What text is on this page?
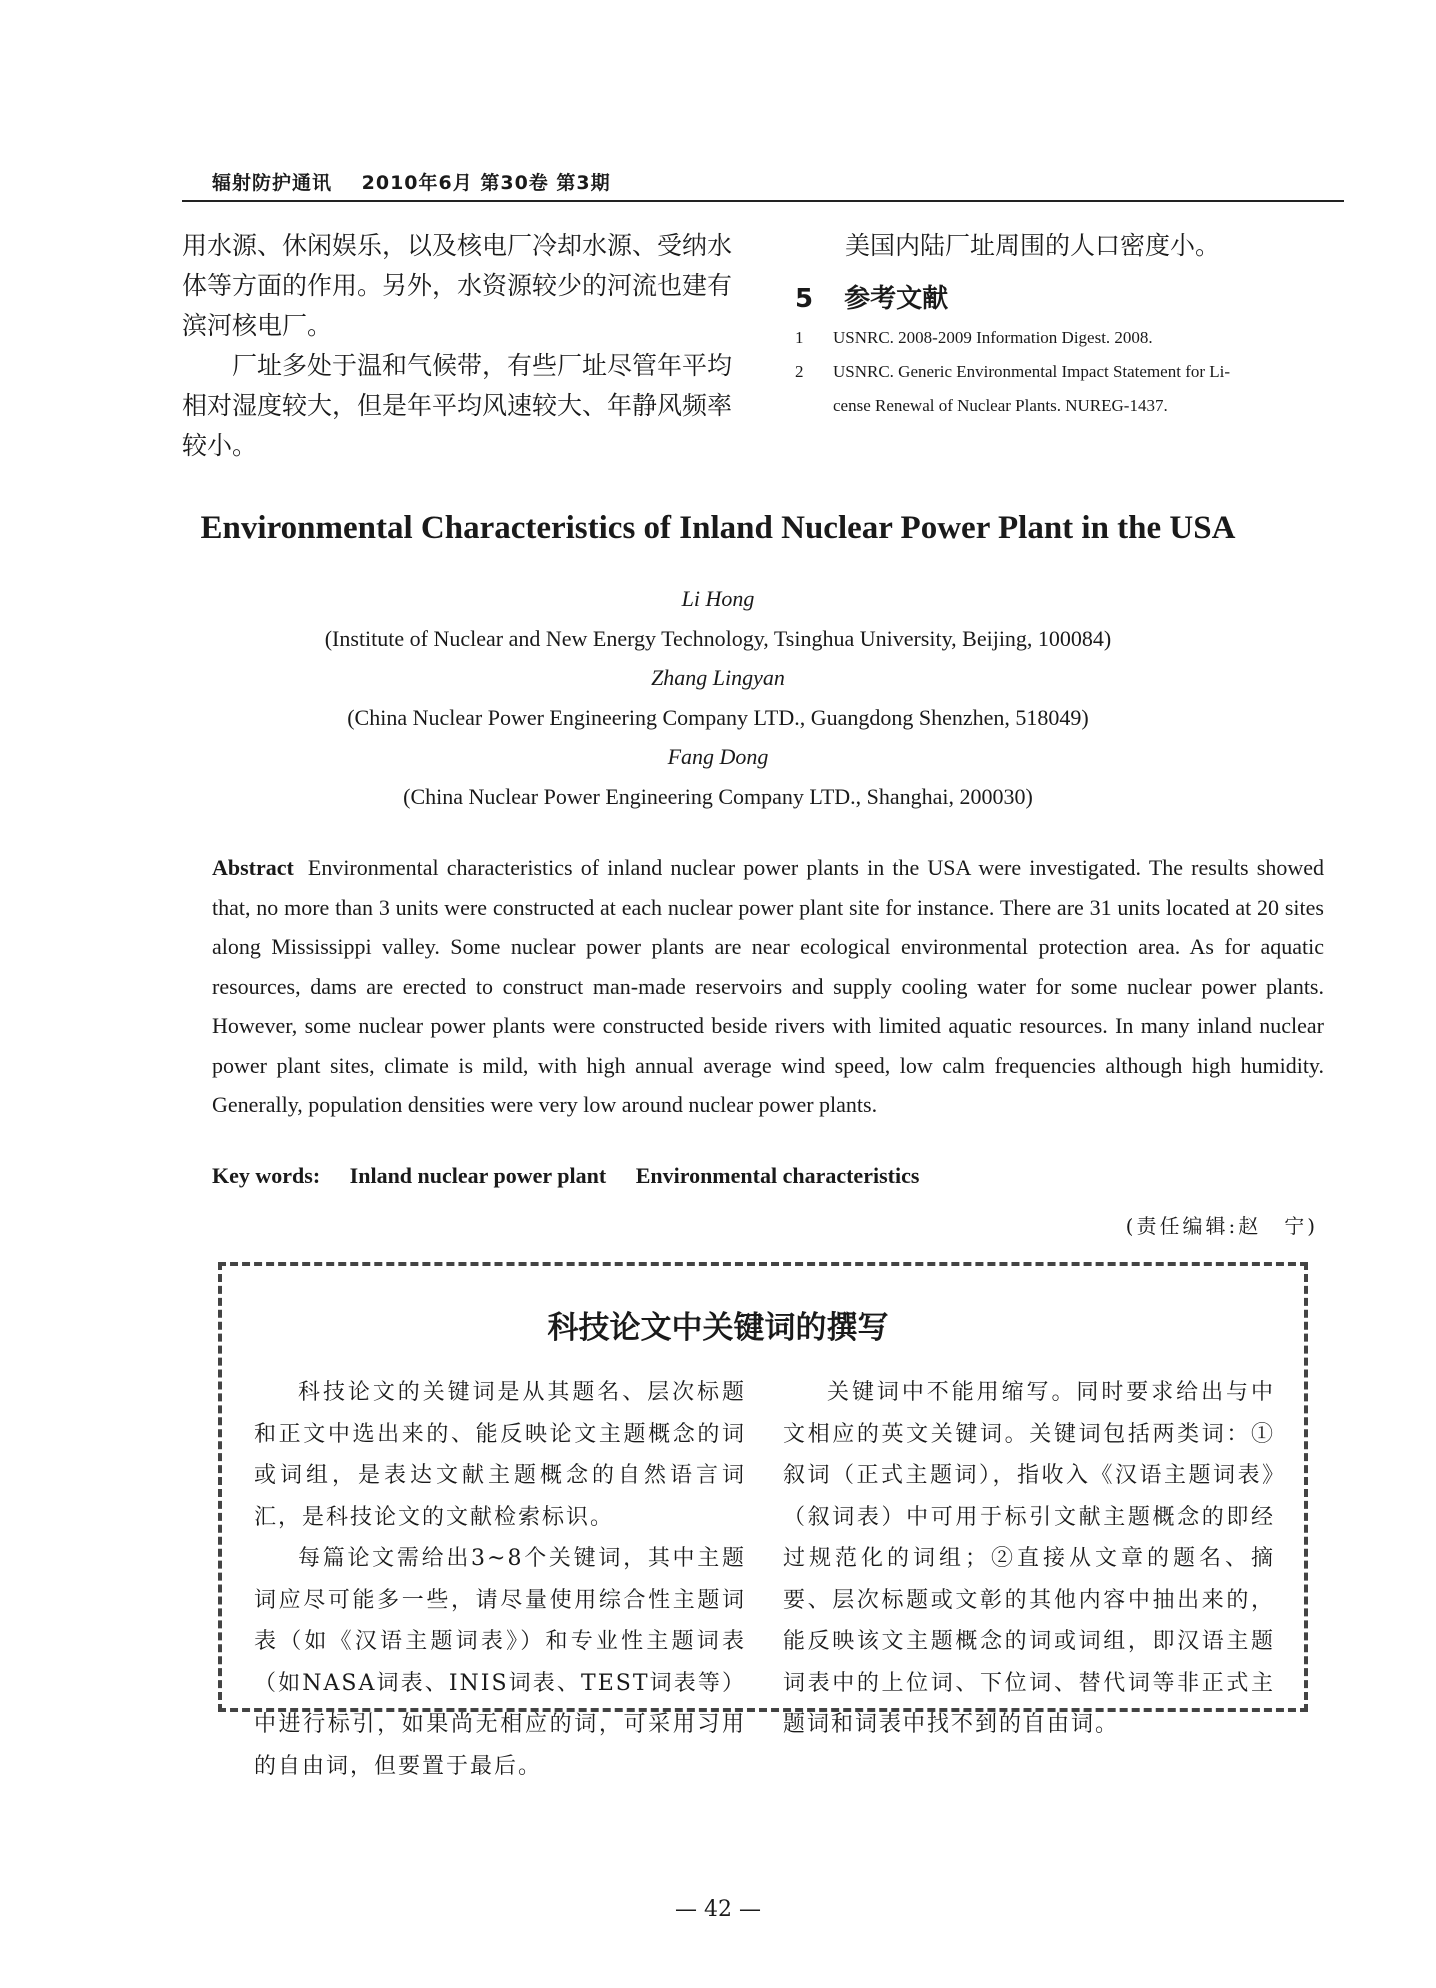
辐射防护通讯 2010年6月 第30卷 第3期

用水源、休闲娱乐，以及核电厂冷却水源、受纳水体等方面的作用。另外，水资源较少的河流也建有滨河核电厂。

厂址多处于温和气候带，有些厂址尽管年平均相对湿度较大，但是年平均风速较大、年静风频率较小。

美国内陆厂址周围的人口密度小。
5 参考文献
1 USNRC. 2008-2009 Information Digest. 2008.
2 USNRC. Generic Environmental Impact Statement for Li-
cense Renewal of Nuclear Plants. NUREG-1437.
Environmental Characteristics of Inland Nuclear Power Plant in the USA
Li Hong
(Institute of Nuclear and New Energy Technology, Tsinghua University, Beijing, 100084)
Zhang Lingyan
(China Nuclear Power Engineering Company LTD., Guangdong Shenzhen, 518049)
Fang Dong
(China Nuclear Power Engineering Company LTD., Shanghai, 200030)
Abstract Environmental characteristics of inland nuclear power plants in the USA were investigated. The results showed that, no more than 3 units were constructed at each nuclear power plant site for instance. There are 31 units located at 20 sites along Mississippi valley. Some nuclear power plants are near ecological environmental protection area. As for aquatic resources, dams are erected to construct man-made reservoirs and supply cooling water for some nuclear power plants. However, some nuclear power plants were constructed beside rivers with limited aquatic resources. In many inland nuclear power plant sites, climate is mild, with high annual average wind speed, low calm frequencies although high humidity. Generally, population densities were very low around nuclear power plants.
Key words: Inland nuclear power plant Environmental characteristics
(责任编辑:赵　宁)
科技论文中关键词的撰写

科技论文的关键词是从其题名、层次标题和正文中选出来的、能反映论文主题概念的词或词组，是表达文献主题概念的自然语言词汇，是科技论文的文献检索标识。

每篇论文需给出3~8个关键词，其中主题词应尽可能多一些，请尽量使用综合性主题词表（如《汉语主题词表》）和专业性主题词表（如NASA词表、INIS词表、TEST词表等）中进行标引，如果尚无相应的词，可采用习用的自由词，但要置于最后。

关键词中不能用缩写。同时要求给出与中文相应的英文关键词。关键词包括两类词：①叙词（正式主题词），指收入《汉语主题词表》（叙词表）中可用于标引文献主题概念的即经过规范化的词组；②直接从文章的题名、摘要、层次标题或文彰的其他内容中抽出来的，能反映该文主题概念的词或词组，即汉语主题词表中的上位词、下位词、替代词等非正式主题词和词表中找不到的自由词。

— 42 —
